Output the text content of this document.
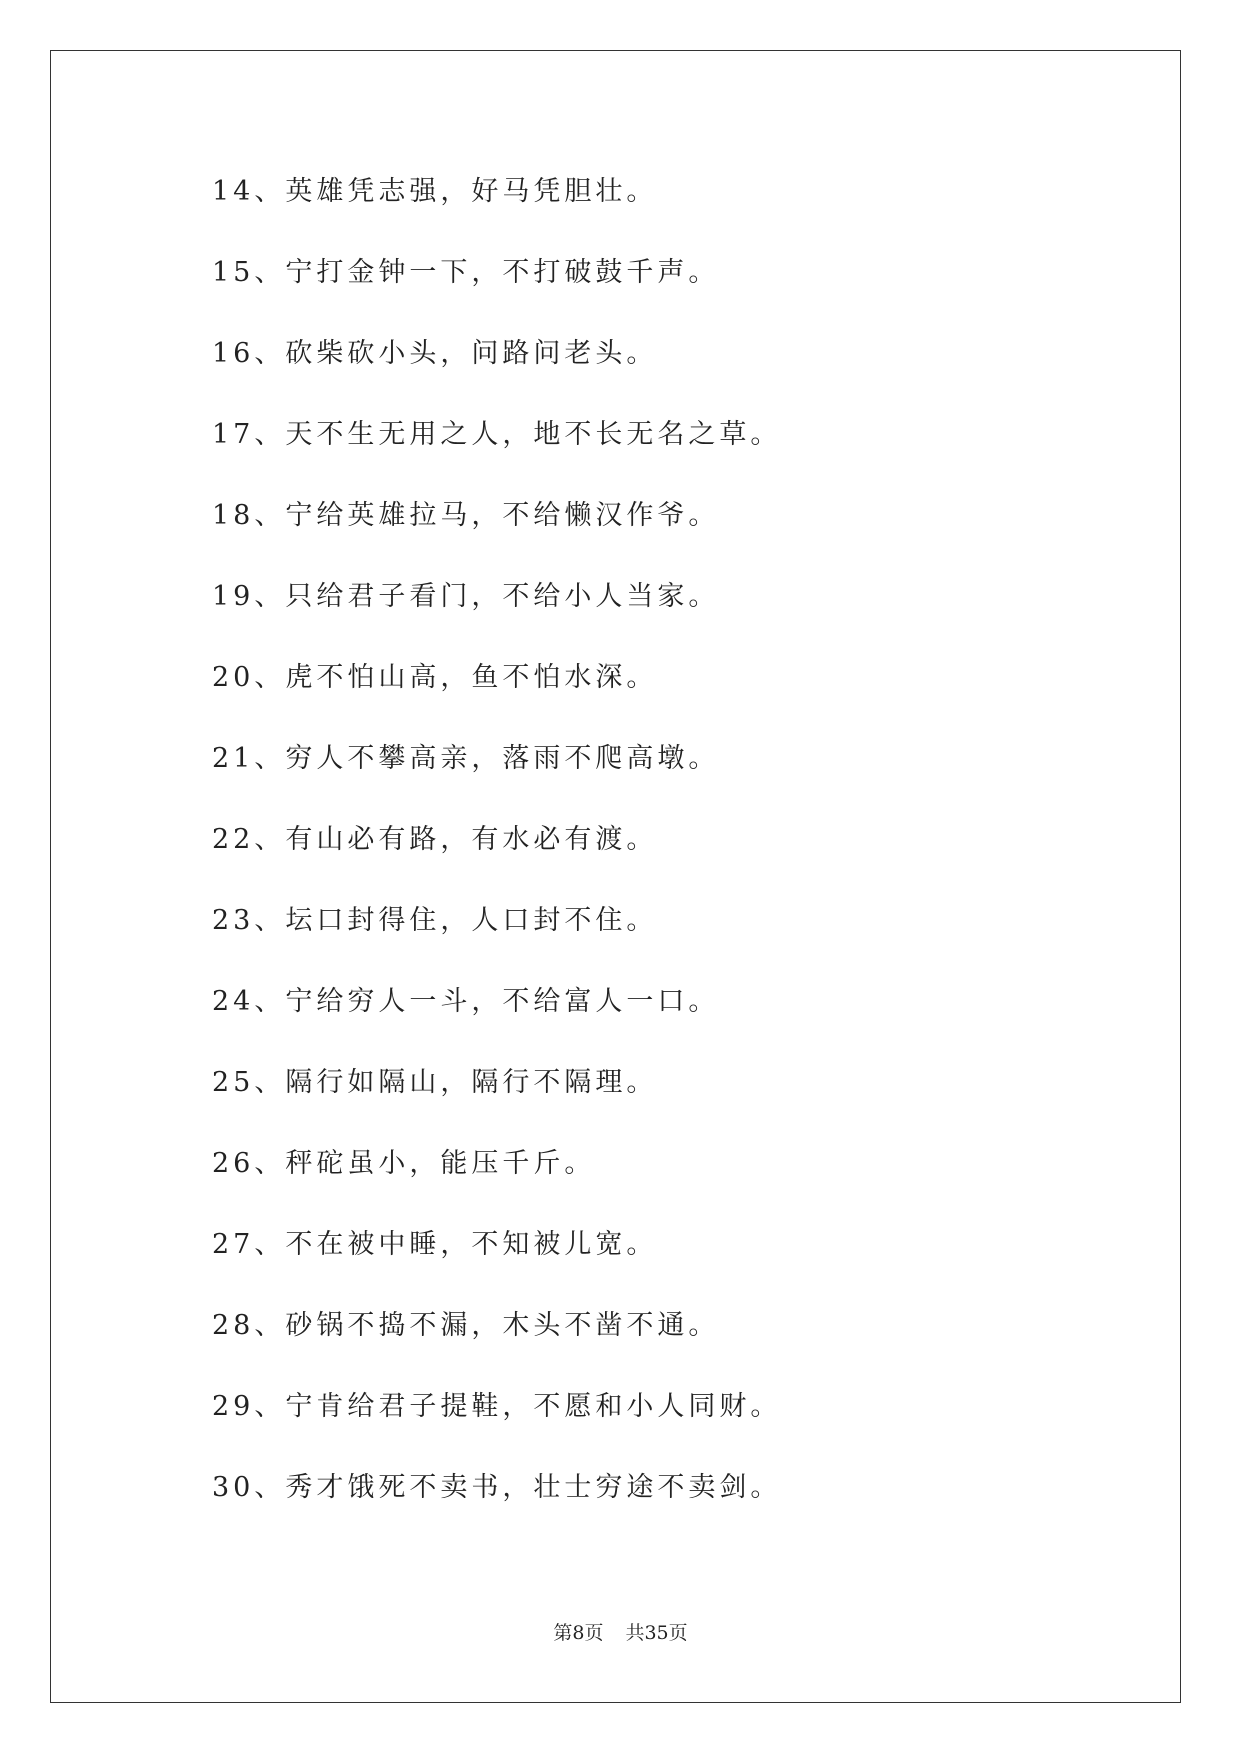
14、英雄凭志强，好马凭胆壮。
15、宁打金钟一下，不打破鼓千声。
16、砍柴砍小头，问路问老头。
17、天不生无用之人，地不长无名之草。
18、宁给英雄拉马，不给懒汉作爷。
19、只给君子看门，不给小人当家。
20、虎不怕山高，鱼不怕水深。
21、穷人不攀高亲，落雨不爬高墩。
22、有山必有路，有水必有渡。
23、坛口封得住，人口封不住。
24、宁给穷人一斗，不给富人一口。
25、隔行如隔山，隔行不隔理。
26、秤砣虽小，能压千斤。
27、不在被中睡，不知被儿宽。
28、砂锅不捣不漏，木头不凿不通。
29、宁肯给君子提鞋，不愿和小人同财。
30、秀才饿死不卖书，壮士穷途不卖剑。
第8页 共35页
